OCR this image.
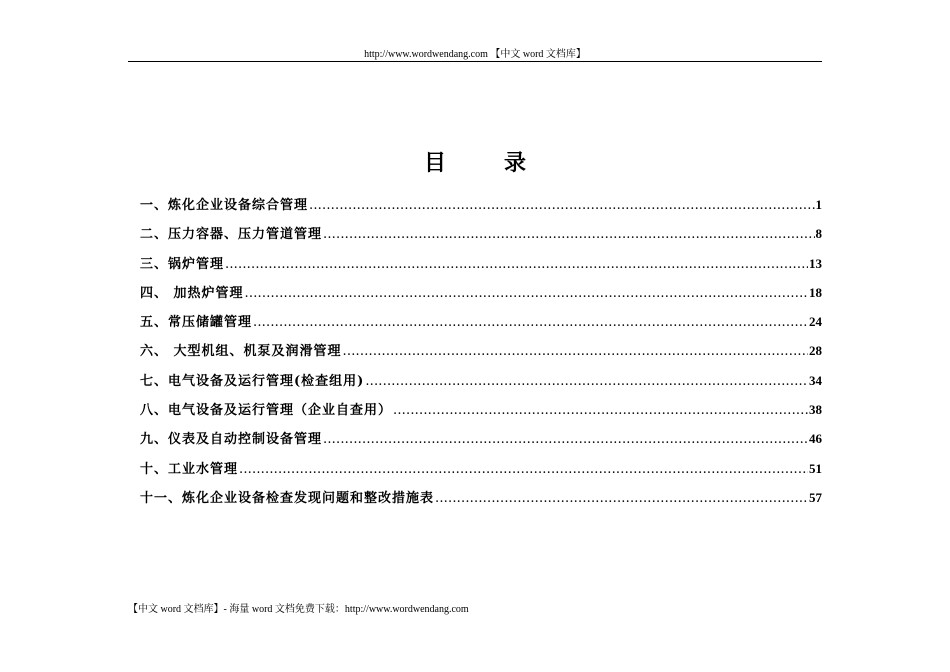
http://www.wordwendang.com 【中文 word 文档库】
目	录
一、炼化企业设备综合管理 .....	1
二、压力容器、压力管道管理 .....	8
三、锅炉管理 .....	13
四、 加热炉管理 .....	18
五、常压储罐管理 .....	24
六、 大型机组、机泵及润滑管理 .....	28
七、电气设备及运行管理(检查组用) .....	34
八、电气设备及运行管理（企业自查用） .....	38
九、仪表及自动控制设备管理 .....	46
十、工业水管理 .....	51
十一、炼化企业设备检查发现问题和整改措施表 .....	57
【中文 word 文档库】- 海量 word 文档免费下载：http://www.wordwendang.com
